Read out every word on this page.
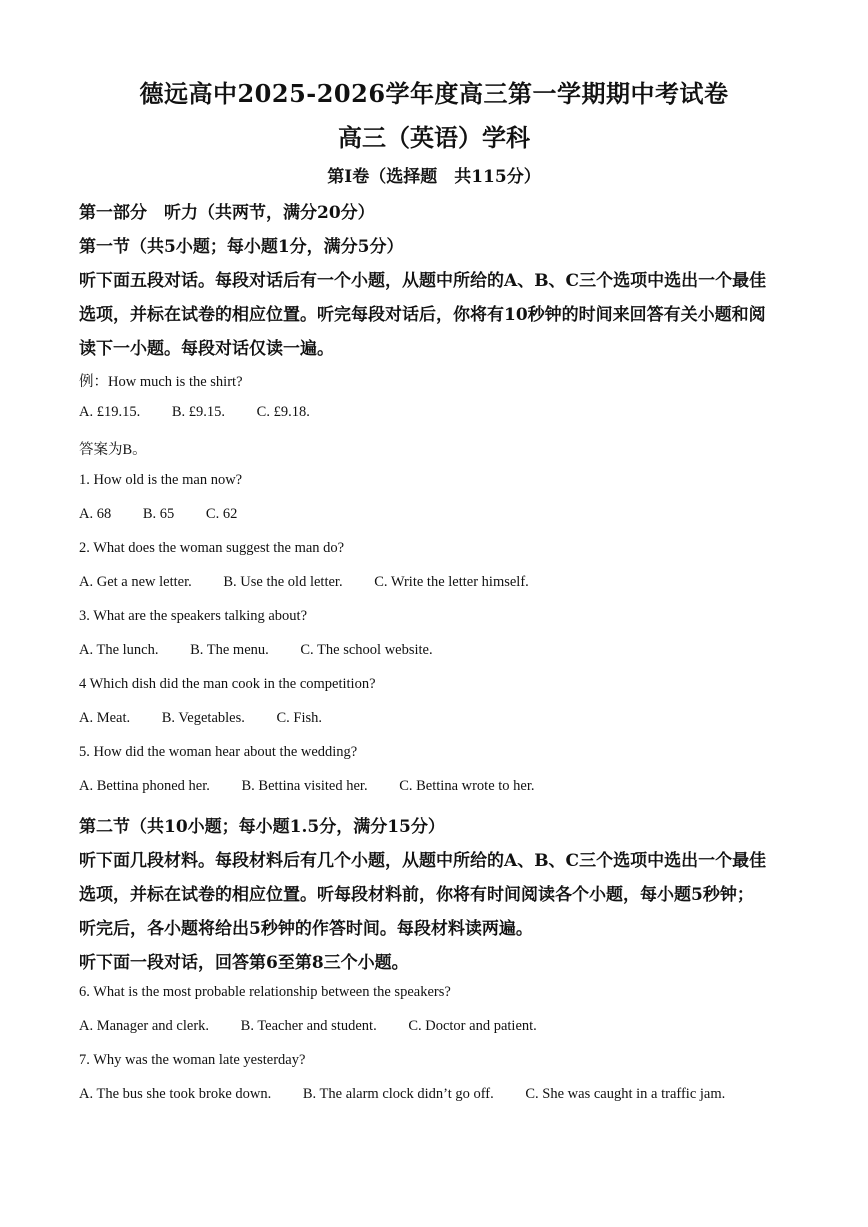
德远高中2025-2026学年度高三第一学期期中考试卷
高三（英语）学科
第Ⅰ卷（选择题　共115分）
第一部分　听力（共两节，满分20分）
第一节（共5小题；每小题1分，满分5分）
听下面五段对话。每段对话后有一个小题，从题中所给的A、B、C三个选项中选出一个最佳
选项，并标在试卷的相应位置。听完每段对话后，你将有10秒钟的时间来回答有关小题和阅
读下一小题。每段对话仅读一遍。
例：How much is the shirt?
A. £19.15. B. £9.15. C. £9.18.
答案为B。
1. How old is the man now?
A. 68 B. 65 C. 62
2. What does the woman suggest the man do?
A. Get a new letter. B. Use the old letter. C. Write the letter himself.
3. What are the speakers talking about?
A. The lunch. B. The menu. C. The school website.
4 Which dish did the man cook in the competition?
A. Meat. B. Vegetables. C. Fish.
5. How did the woman hear about the wedding?
A. Bettina phoned her. B. Bettina visited her. C. Bettina wrote to her.
第二节（共10小题；每小题1.5分，满分15分）
听下面几段材料。每段材料后有几个小题，从题中所给的A、B、C三个选项中选出一个最佳
选项，并标在试卷的相应位置。听每段材料前，你将有时间阅读各个小题，每小题5秒钟；
听完后，各小题将给出5秒钟的作答时间。每段材料读两遍。
听下面一段对话，回答第6至第8三个小题。
6. What is the most probable relationship between the speakers?
A. Manager and clerk. B. Teacher and student. C. Doctor and patient.
7. Why was the woman late yesterday?
A. The bus she took broke down. B. The alarm clock didn’t go off. C. She was caught in a traffic jam.
